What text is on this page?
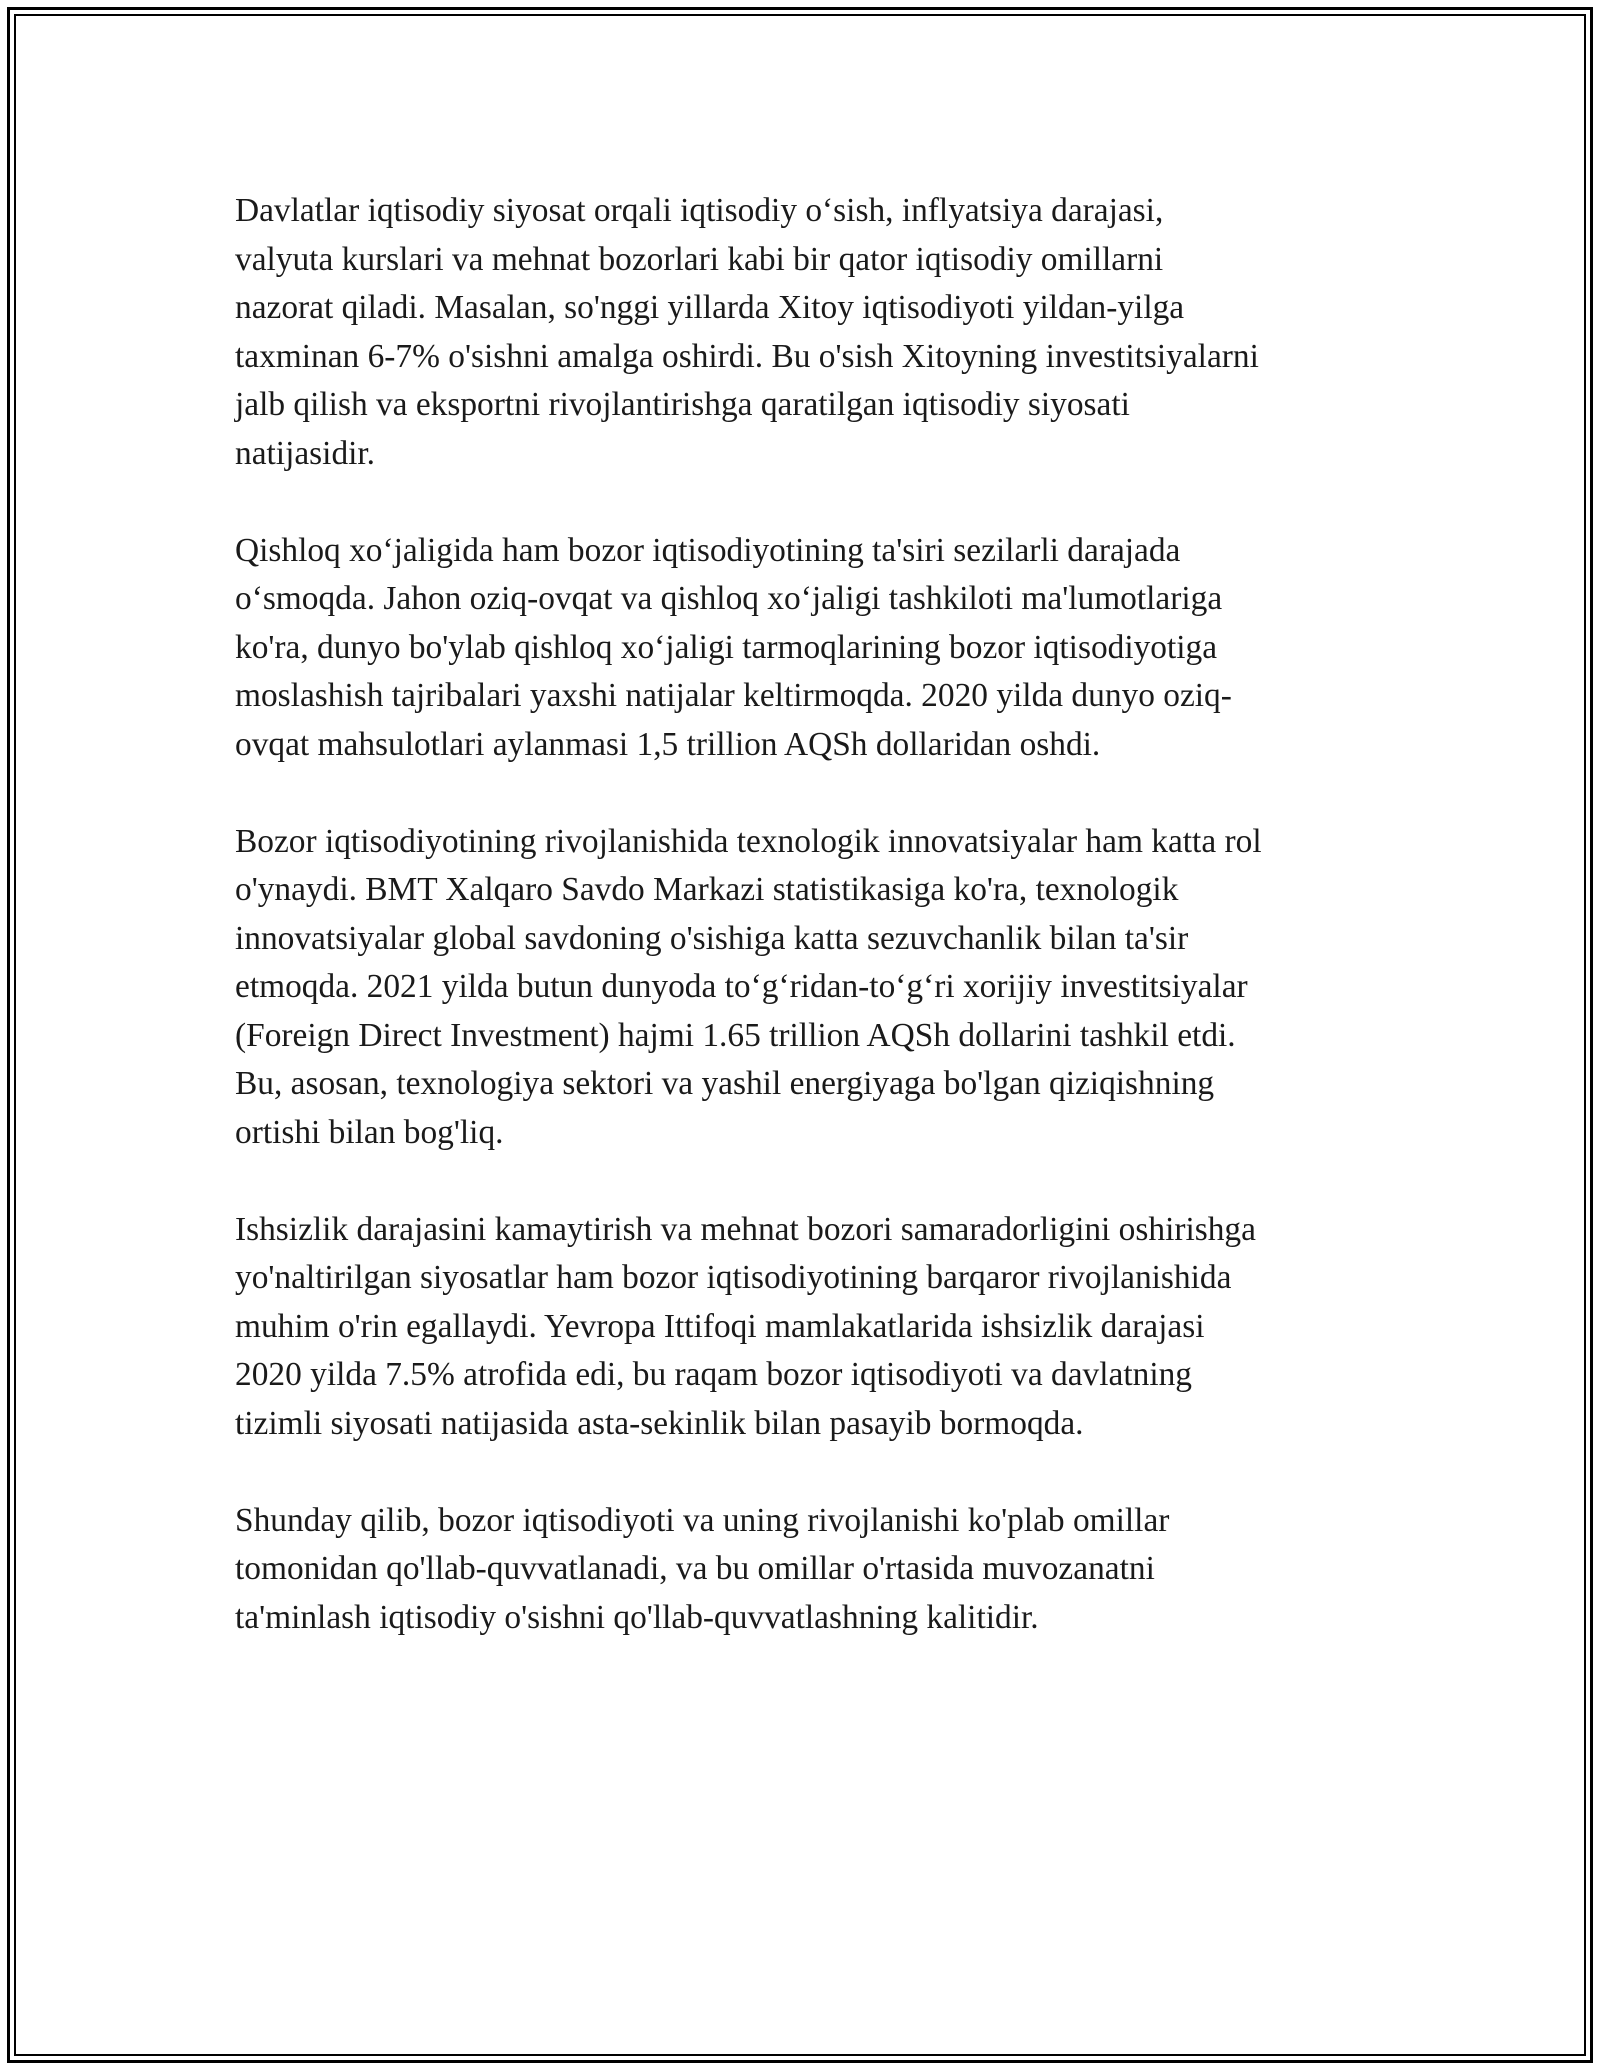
Davlatlar iqtisodiy siyosat orqali iqtisodiy o‘sish, inflyatsiya darajasi,
valyuta kurslari va mehnat bozorlari kabi bir qator iqtisodiy omillarni
nazorat qiladi. Masalan, so'nggi yillarda Xitoy iqtisodiyoti yildan-yilga
taxminan 6-7% o'sishni amalga oshirdi. Bu o'sish Xitoyning investitsiyalarni
jalb qilish va eksportni rivojlantirishga qaratilgan iqtisodiy siyosati
natijasidir.

Qishloq xo‘jaligida ham bozor iqtisodiyotining ta'siri sezilarli darajada
o‘smoqda. Jahon oziq-ovqat va qishloq xo‘jaligi tashkiloti ma'lumotlariga
ko'ra, dunyo bo'ylab qishloq xo‘jaligi tarmoqlarining bozor iqtisodiyotiga
moslashish tajribalari yaxshi natijalar keltirmoqda. 2020 yilda dunyo oziq-
ovqat mahsulotlari aylanmasi 1,5 trillion AQSh dollaridan oshdi.

Bozor iqtisodiyotining rivojlanishida texnologik innovatsiyalar ham katta rol
o'ynaydi. BMT Xalqaro Savdo Markazi statistikasiga ko'ra, texnologik
innovatsiyalar global savdoning o'sishiga katta sezuvchanlik bilan ta'sir
etmoqda. 2021 yilda butun dunyoda to‘g‘ridan-to‘g‘ri xorijiy investitsiyalar
(Foreign Direct Investment) hajmi 1.65 trillion AQSh dollarini tashkil etdi.
Bu, asosan, texnologiya sektori va yashil energiyaga bo'lgan qiziqishning
ortishi bilan bog'liq.

Ishsizlik darajasini kamaytirish va mehnat bozori samaradorligini oshirishga
yo'naltirilgan siyosatlar ham bozor iqtisodiyotining barqaror rivojlanishida
muhim o'rin egallaydi. Yevropa Ittifoqi mamlakatlarida ishsizlik darajasi
2020 yilda 7.5% atrofida edi, bu raqam bozor iqtisodiyoti va davlatning
tizimli siyosati natijasida asta-sekinlik bilan pasayib bormoqda.

Shunday qilib, bozor iqtisodiyoti va uning rivojlanishi ko'plab omillar
tomonidan qo'llab-quvvatlanadi, va bu omillar o'rtasida muvozanatni
ta'minlash iqtisodiy o'sishni qo'llab-quvvatlashning kalitidir.
